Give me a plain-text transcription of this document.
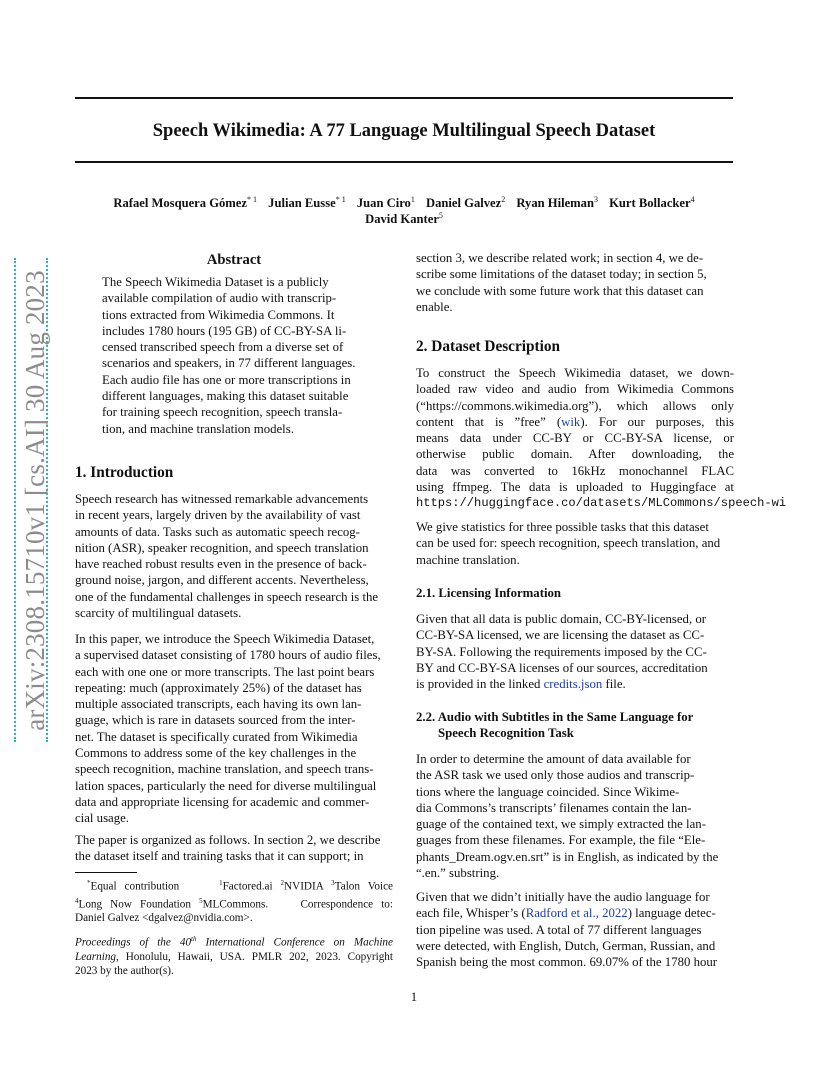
Speech Wikimedia: A 77 Language Multilingual Speech Dataset
Rafael Mosquera Gómez$^{* 1}$ Julian Eusse$^{* 1}$ Juan Ciro$^1$ Daniel Galvez$^2$ Ryan Hileman$^3$ Kurt Bollacker$^4$
David Kanter$^5$
arXiv:2308.15710v1 [cs.AI] 30 Aug 2023
Abstract

The Speech Wikimedia Dataset is a publicly

available compilation of audio with transcrip-

tions extracted from Wikimedia Commons. It

includes 1780 hours (195 GB) of CC-BY-SA li-

censed transcribed speech from a diverse set of

scenarios and speakers, in 77 different languages.

Each audio file has one or more transcriptions in

different languages, making this dataset suitable

for training speech recognition, speech transla-

tion, and machine translation models.

1. Introduction

Speech research has witnessed remarkable advancements

in recent years, largely driven by the availability of vast

amounts of data. Tasks such as automatic speech recog-

nition (ASR), speaker recognition, and speech translation

have reached robust results even in the presence of back-

ground noise, jargon, and different accents. Nevertheless,

one of the fundamental challenges in speech research is the

scarcity of multilingual datasets.

In this paper, we introduce the Speech Wikimedia Dataset,

a supervised dataset consisting of 1780 hours of audio files,

each with one one or more transcripts. The last point bears

repeating: much (approximately 25%) of the dataset has

multiple associated transcripts, each having its own lan-

guage, which is rare in datasets sourced from the inter-

net. The dataset is specifically curated from Wikimedia

Commons to address some of the key challenges in the

speech recognition, machine translation, and speech trans-

lation spaces, particularly the need for diverse multilingual

data and appropriate licensing for academic and commer-

cial usage.

The paper is organized as follows. In section 2, we describe

the dataset itself and training tasks that it can support; in

*Equal contribution	$^1$Factored.ai $^2$NVIDIA $^3$Talon Voice

$^4$Long Now Foundation $^5$MLCommons.	Correspondence to:

Daniel Galvez <dgalvez@nvidia.com>.

Proceedings of the 40th International Conference on Machine

Learning, Honolulu, Hawaii, USA. PMLR 202, 2023. Copyright

2023 by the author(s).

section 3, we describe related work; in section 4, we de-

scribe some limitations of the dataset today; in section 5,

we conclude with some future work that this dataset can

enable.

2. Dataset Description

To construct the Speech Wikimedia dataset, we down-

loaded raw video and audio from Wikimedia Commons

(“https://commons.wikimedia.org”), which allows only

content that is ”free” (wik). For our purposes, this

means data under CC-BY or CC-BY-SA license, or

otherwise public domain. After downloading, the

data was converted to 16kHz monochannel FLAC

using ffmpeg. The data is uploaded to Huggingface at

https://huggingface.co/datasets/MLCommons/speech-wi

We give statistics for three possible tasks that this dataset

can be used for: speech recognition, speech translation, and

machine translation.

2.1. Licensing Information

Given that all data is public domain, CC-BY-licensed, or

CC-BY-SA licensed, we are licensing the dataset as CC-

BY-SA. Following the requirements imposed by the CC-

BY and CC-BY-SA licenses of our sources, accreditation

is provided in the linked credits.json file.

2.2. Audio with Subtitles in the Same Language for

Speech Recognition Task

In order to determine the amount of data available for

the ASR task we used only those audios and transcrip-

tions where the language coincided. Since Wikime-

dia Commons’s transcripts’ filenames contain the lan-

guage of the contained text, we simply extracted the lan-

guages from these filenames. For example, the file “Ele-

phants_Dream.ogv.en.srt” is in English, as indicated by the

“.en.” substring.

Given that we didn’t initially have the audio language for

each file, Whisper’s (Radford et al., 2022) language detec-

tion pipeline was used. A total of 77 different languages

were detected, with English, Dutch, German, Russian, and

Spanish being the most common. 69.07% of the 1780 hour

1
